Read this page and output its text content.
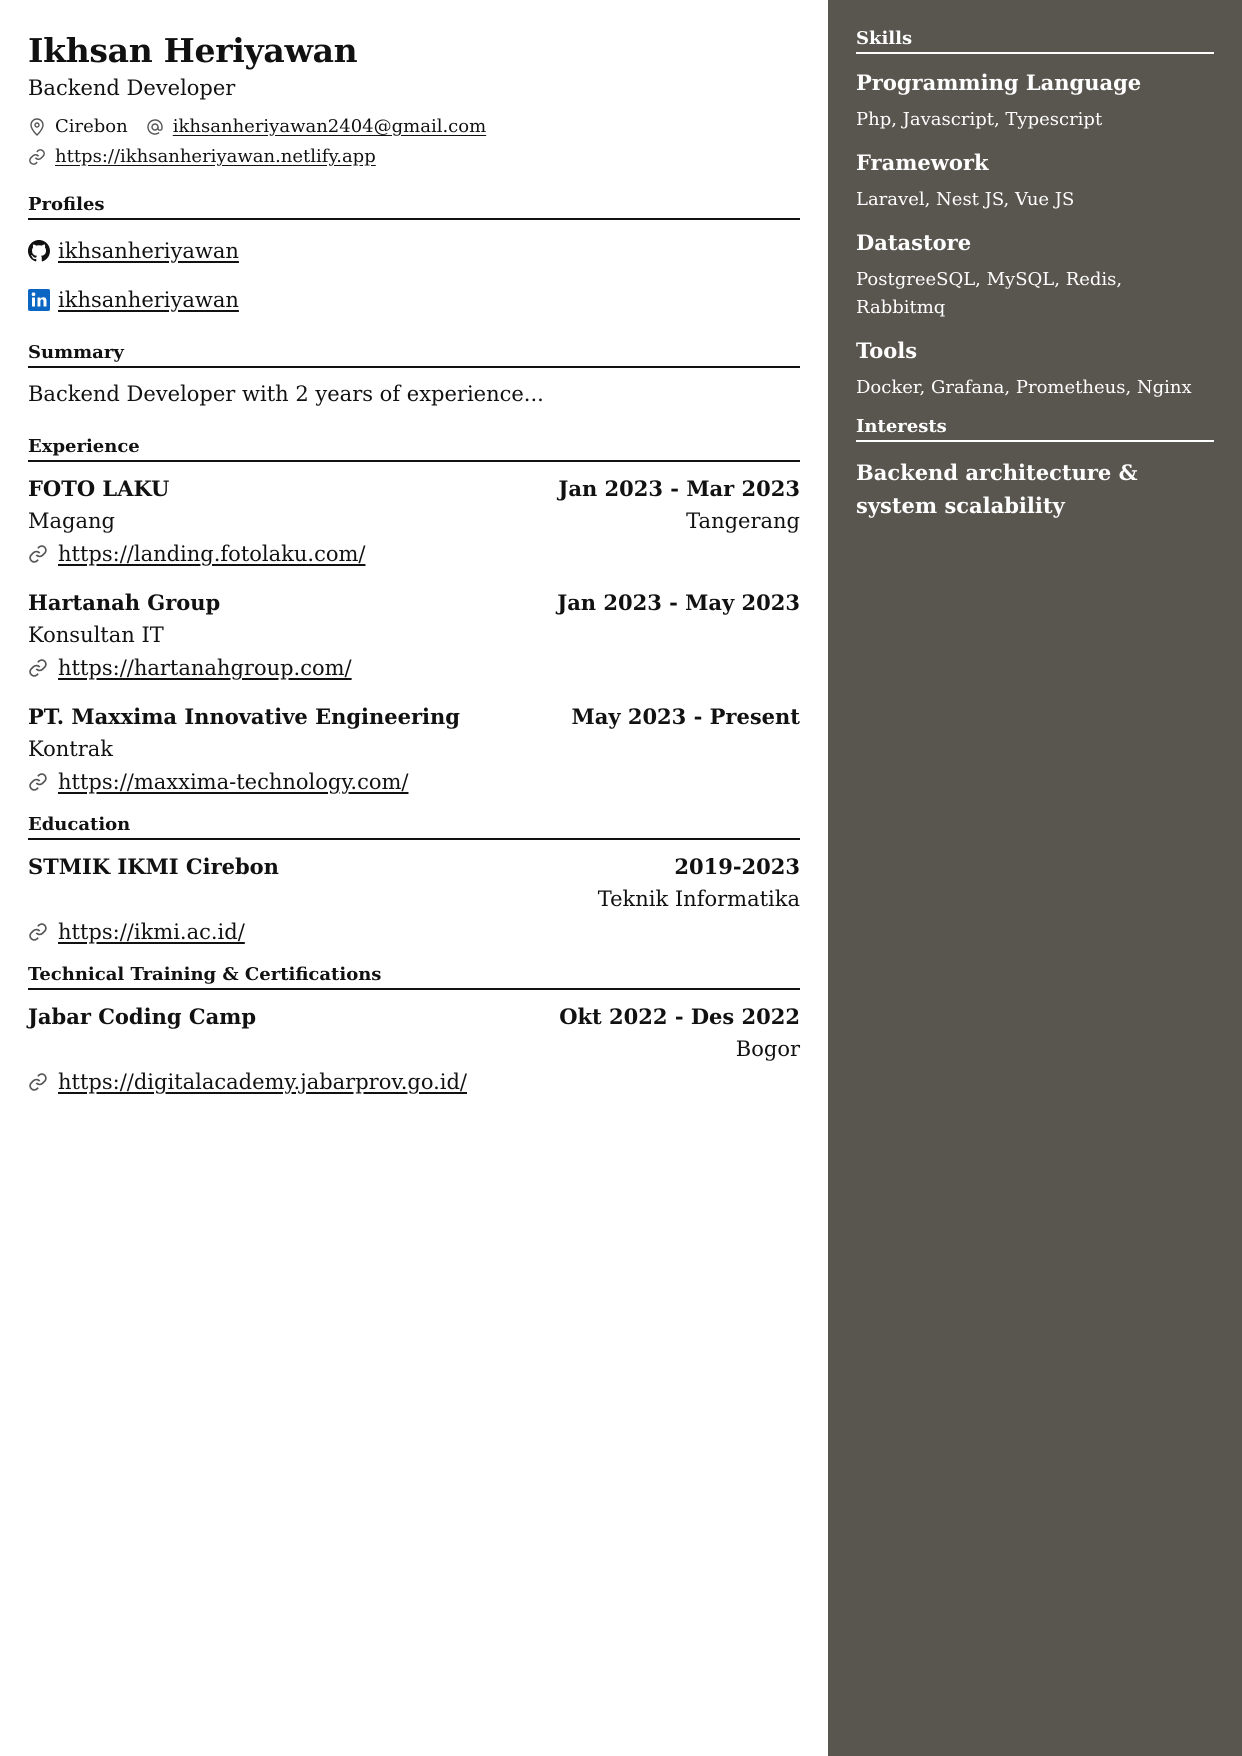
Ikhsan Heriyawan
Backend Developer
Cirebon	ikhsanheriyawan2404@gmail.com
https://ikhsanheriyawan.netlify.app
Profiles
ikhsanheriyawan
ikhsanheriyawan
Summary
Backend Developer with 2 years of experience...
Experience
FOTO LAKU	Jan 2023 - Mar 2023
Magang	Tangerang
https://landing.fotolaku.com/
Hartanah Group	Jan 2023 - May 2023
Konsultan IT
https://hartanahgroup.com/
PT. Maxxima Innovative Engineering	May 2023 - Present
Kontrak
https://maxxima-technology.com/
Education
STMIK IKMI Cirebon	2019-2023
Teknik Informatika
https://ikmi.ac.id/
Technical Training & Certifications
Jabar Coding Camp	Okt 2022 - Des 2022
Bogor
https://digitalacademy.jabarprov.go.id/
Skills
Programming Language
Php, Javascript, Typescript
Framework
Laravel, Nest JS, Vue JS
Datastore
PostgreeSQL, MySQL, Redis, Rabbitmq
Tools
Docker, Grafana, Prometheus, Nginx
Interests
Backend architecture & system scalability
